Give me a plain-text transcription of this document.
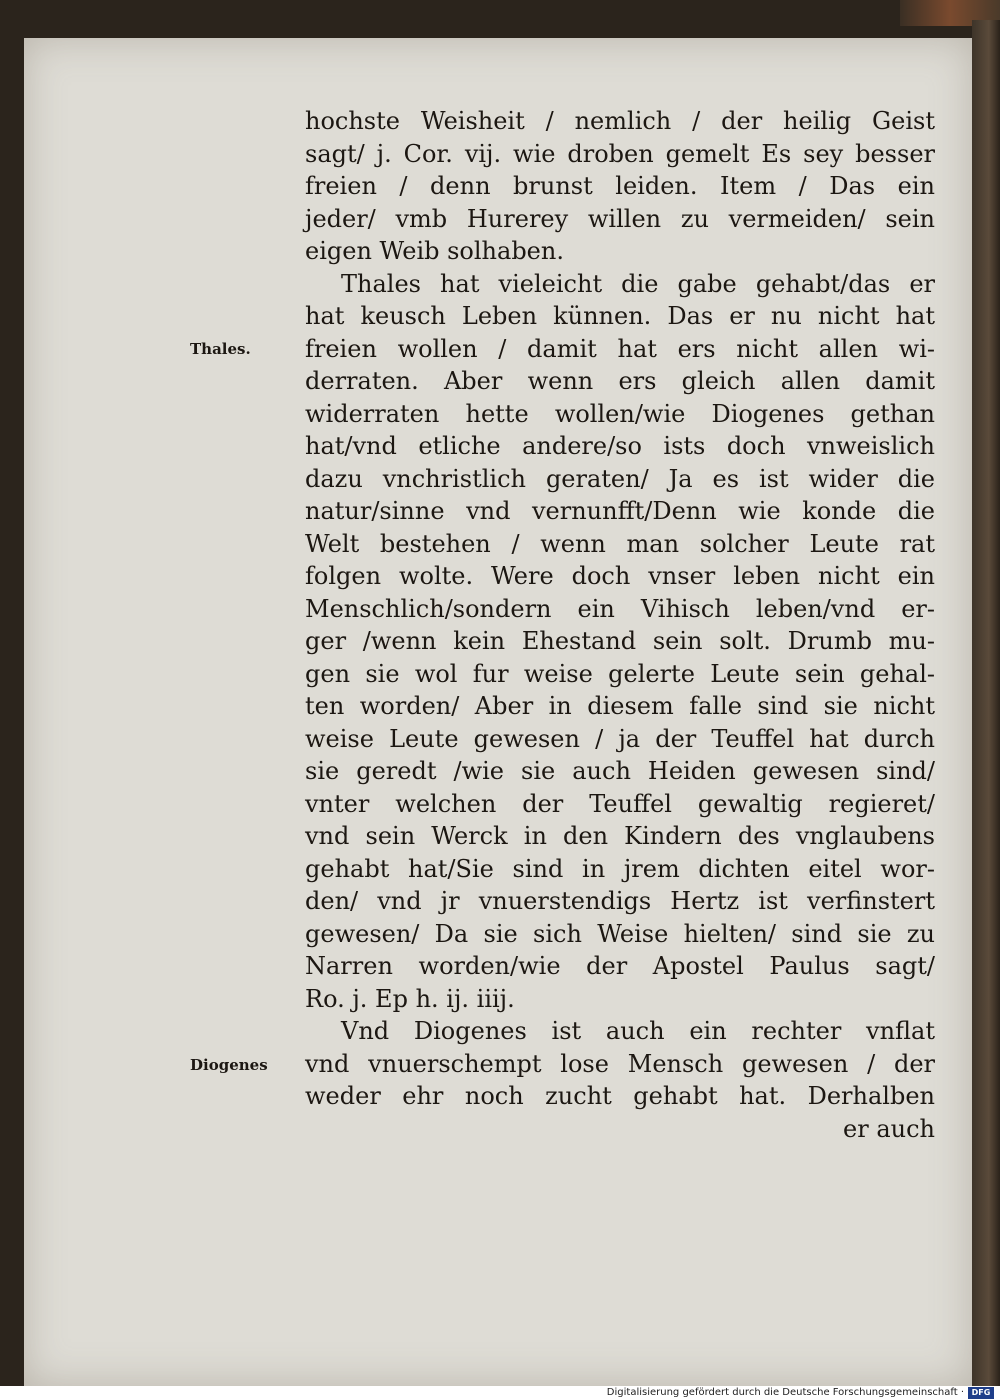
Thales.
Diogenes
hochste Weisheit / nemlich / der heilig Geist
sagt/ j. Cor. vij. wie droben gemelt Es sey besser
freien / denn brunst leiden. Item / Das ein
jeder/ vmb Hurerey willen zu vermeiden/ sein
eigen Weib solhaben.
Thales hat vieleicht die gabe gehabt/das er
hat keusch Leben künnen. Das er nu nicht hat
freien wollen / damit hat ers nicht allen wi-
derraten. Aber wenn ers gleich allen damit
widerraten hette wollen/wie Diogenes gethan
hat/vnd etliche andere/so ists doch vnweislich
dazu vnchristlich geraten/ Ja es ist wider die
natur/sinne vnd vernunfft/Denn wie konde die
Welt bestehen / wenn man solcher Leute rat
folgen wolte. Were doch vnser leben nicht ein
Menschlich/sondern ein Vihisch leben/vnd er-
ger /wenn kein Ehestand sein solt. Drumb mu-
gen sie wol fur weise gelerte Leute sein gehal-
ten worden/ Aber in diesem falle sind sie nicht
weise Leute gewesen / ja der Teuffel hat durch
sie geredt /wie sie auch Heiden gewesen sind/
vnter welchen der Teuffel gewaltig regieret/
vnd sein Werck in den Kindern des vnglaubens
gehabt hat/Sie sind in jrem dichten eitel wor-
den/ vnd jr vnuerstendigs Hertz ist verfinstert
gewesen/ Da sie sich Weise hielten/ sind sie zu
Narren worden/wie der Apostel Paulus sagt/
Ro. j. Ep h. ij. iiij.
Vnd Diogenes ist auch ein rechter vnflat
vnd vnuerschempt lose Mensch gewesen / der
weder ehr noch zucht gehabt hat. Derhalben
er auch
Digitalisierung gefördert durch die Deutsche Forschungsgemeinschaft · DFG
